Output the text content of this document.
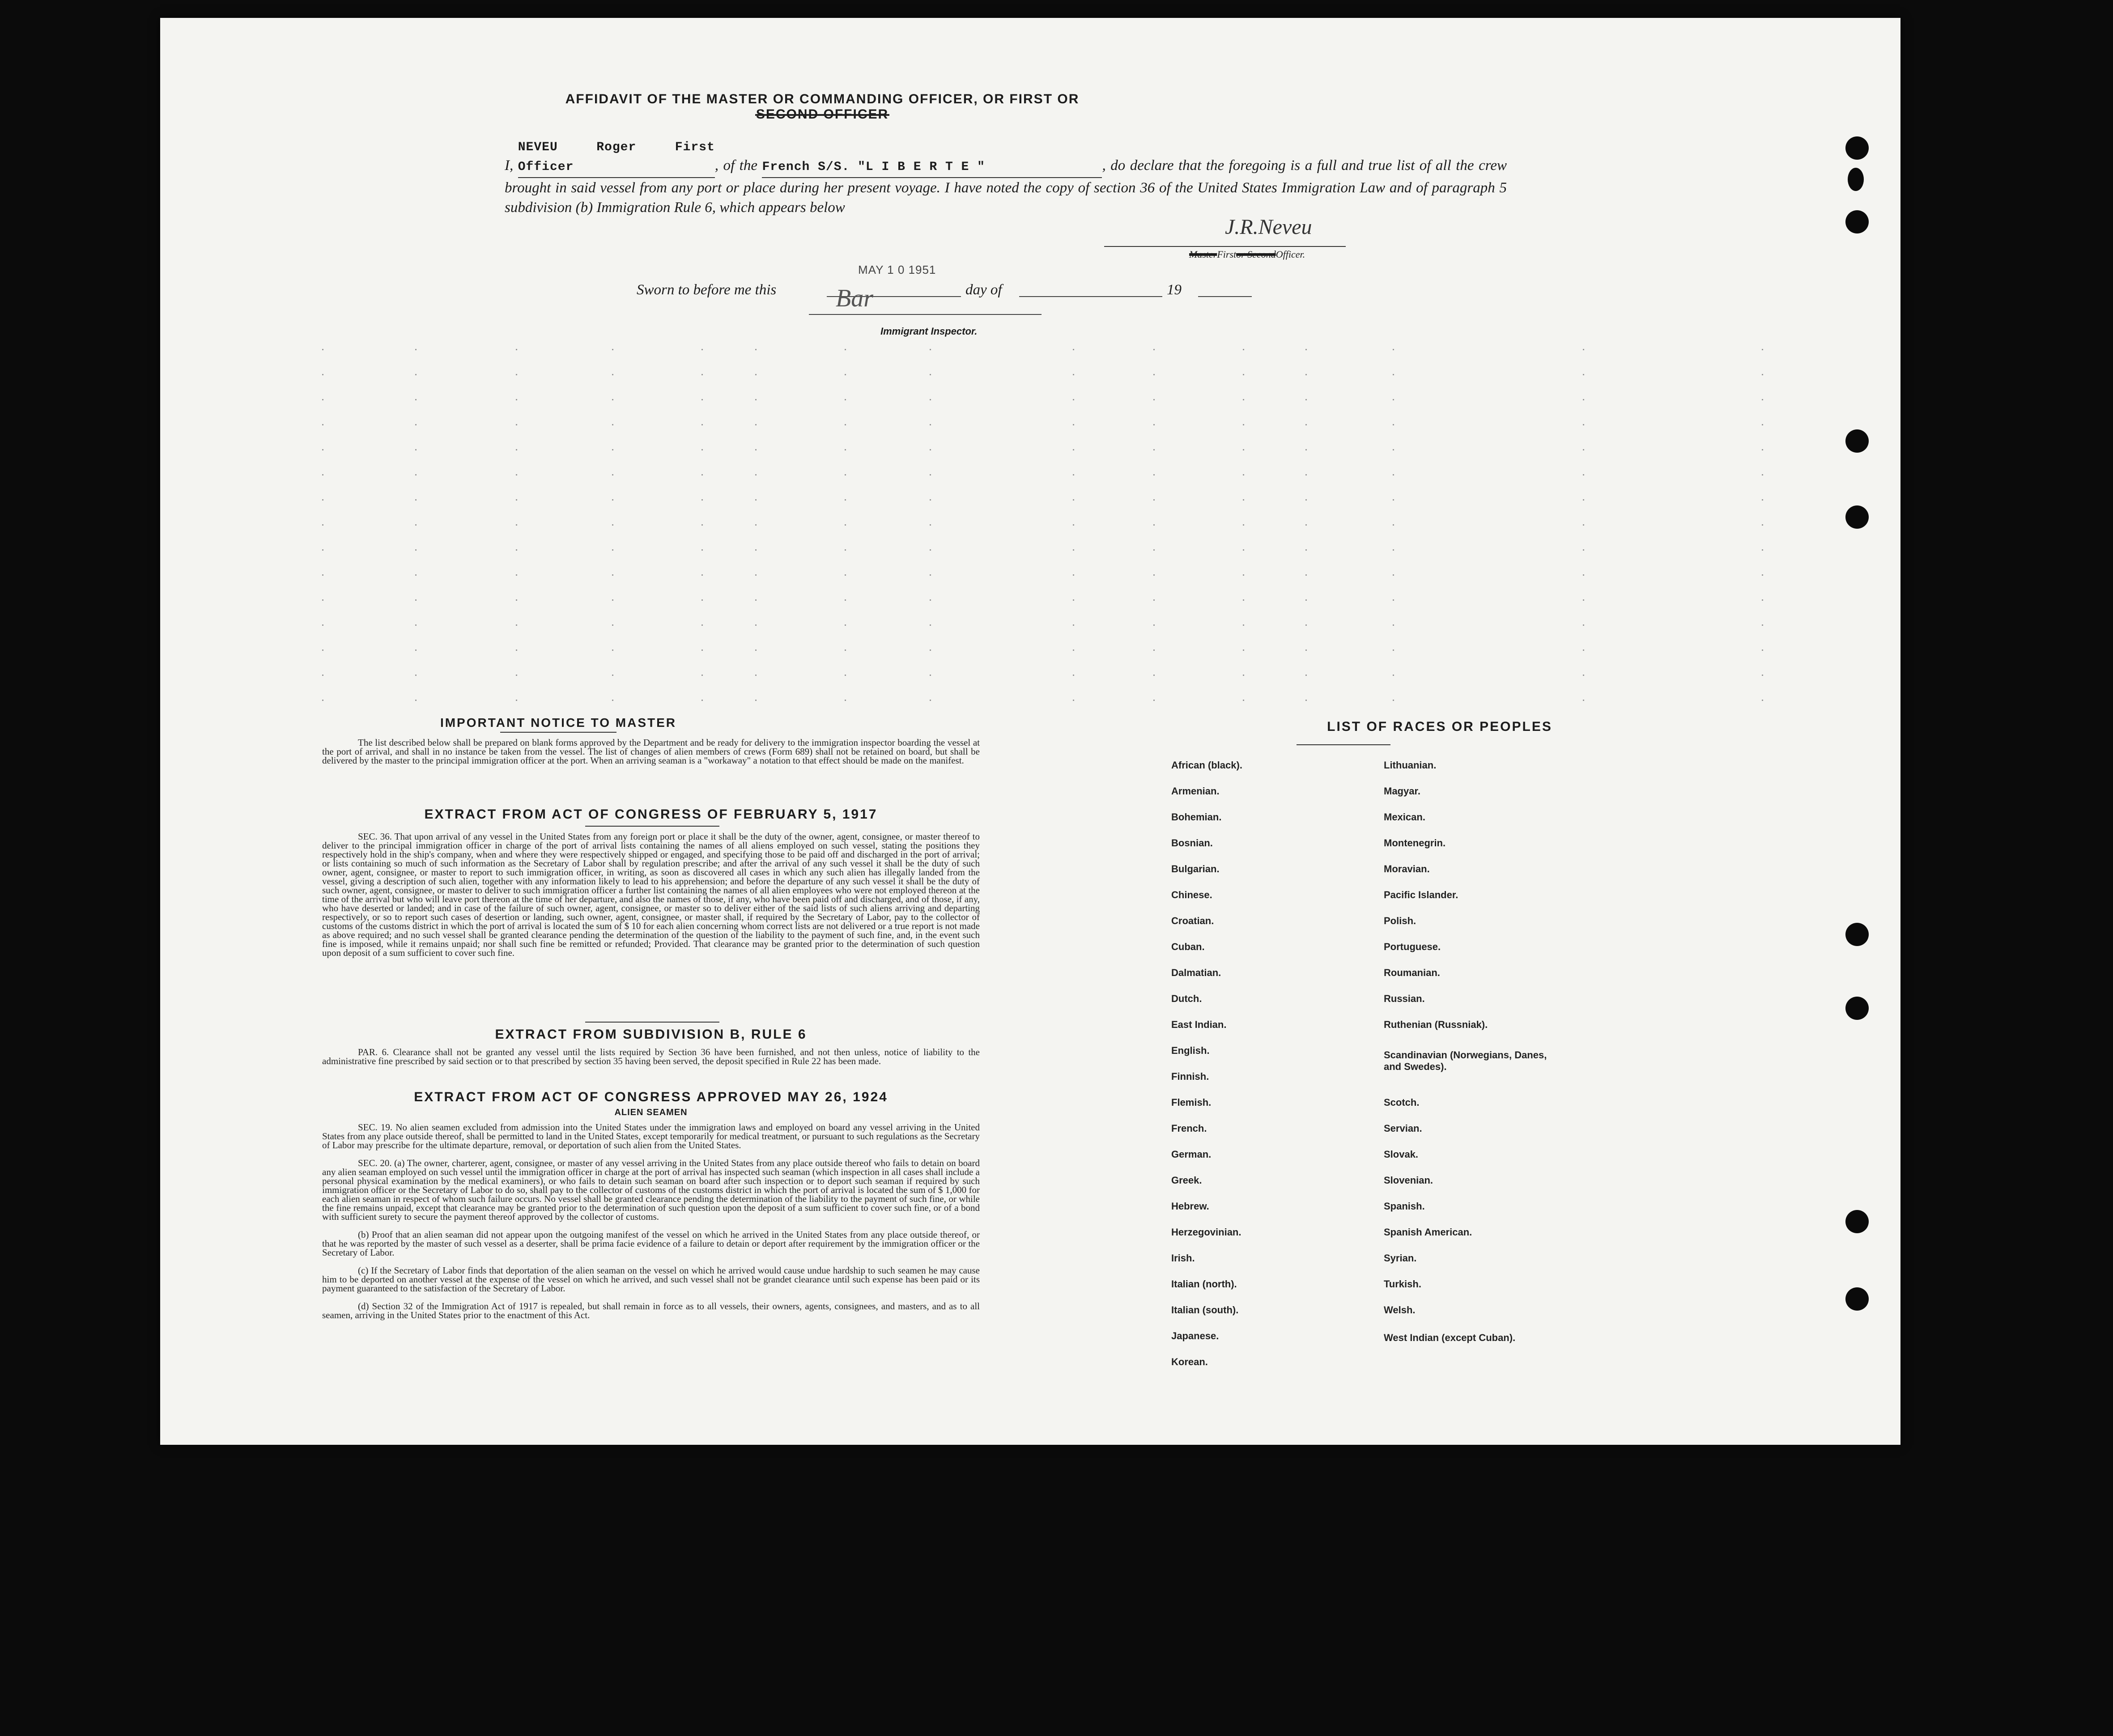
AFFIDAVIT OF THE MASTER OR COMMANDING OFFICER, OR FIRST OR SECOND OFFICER
I, NEVEU Roger First Officer	, of the French S/S. "L I B E R T E "	, do declare that the foregoing is a full and true list of all the crew brought in said vessel from any port or place during her present voyage. I have noted the copy of section 36 of the United States Immigration Law and of paragraph 5 subdivision (b) Immigration Rule 6, which appears below
J.R.Neveu
MasterFirstor SecondOfficer.
Sworn to before me this
MAY 1 0 1951
day of	19
Bar
Immigrant Inspector.
IMPORTANT NOTICE TO MASTER
The list described below shall be prepared on blank forms approved by the Department and be ready for delivery to the immigration inspector boarding the vessel at the port of arrival, and shall in no instance be taken from the vessel. The list of changes of alien members of crews (Form 689) shall not be retained on board, but shall be delivered by the master to the principal immigration officer at the port. When an arriving seaman is a "workaway" a notation to that effect should be made on the manifest.
EXTRACT FROM ACT OF CONGRESS OF FEBRUARY 5, 1917
SEC. 36. That upon arrival of any vessel in the United States from any foreign port or place it shall be the duty of the owner, agent, consignee, or master thereof to deliver to the principal immigration officer in charge of the port of arrival lists containing the names of all aliens employed on such vessel, stating the positions they respectively hold in the ship's company, when and where they were respectively shipped or engaged, and specifying those to be paid off and discharged in the port of arrival; or lists containing so much of such information as the Secretary of Labor shall by regulation prescribe; and after the arrival of any such vessel it shall be the duty of such owner, agent, consignee, or master to report to such immigration officer, in writing, as soon as discovered all cases in which any such alien has illegally landed from the vessel, giving a description of such alien, together with any information likely to lead to his apprehension; and before the departure of any such vessel it shall be the duty of such owner, agent, consignee, or master to deliver to such immigration officer a further list containing the names of all alien employees who were not employed thereon at the time of the arrival but who will leave port thereon at the time of her departure, and also the names of those, if any, who have been paid off and discharged, and of those, if any, who have deserted or landed; and in case of the failure of such owner, agent, consignee, or master so to deliver either of the said lists of such aliens arriving and departing respectively, or so to report such cases of desertion or landing, such owner, agent, consignee, or master shall, if required by the Secretary of Labor, pay to the collector of customs of the customs district in which the port of arrival is located the sum of $ 10 for each alien concerning whom correct lists are not delivered or a true report is not made as above required; and no such vessel shall be granted clearance pending the determination of the question of the liability to the payment of such fine, and, in the event such fine is imposed, while it remains unpaid; nor shall such fine be remitted or refunded; Provided. That clearance may be granted prior to the determination of such question upon deposit of a sum sufficient to cover such fine.
EXTRACT FROM SUBDIVISION B, RULE 6
PAR. 6. Clearance shall not be granted any vessel until the lists required by Section 36 have been furnished, and not then unless, notice of liability to the administrative fine prescribed by said section or to that prescribed by section 35 having been served, the deposit specified in Rule 22 has been made.
EXTRACT FROM ACT OF CONGRESS APPROVED MAY 26, 1924
ALIEN SEAMEN
SEC. 19. No alien seamen excluded from admission into the United States under the immigration laws and employed on board any vessel arriving in the United States from any place outside thereof, shall be permitted to land in the United States, except temporarily for medical treatment, or pursuant to such regulations as the Secretary of Labor may prescribe for the ultimate departure, removal, or deportation of such alien from the United States.
SEC. 20. (a) The owner, charterer, agent, consignee, or master of any vessel arriving in the United States from any place outside thereof who fails to detain on board any alien seaman employed on such vessel until the immigration officer in charge at the port of arrival has inspected such seaman (which inspection in all cases shall include a personal physical examination by the medical examiners), or who fails to detain such seaman on board after such inspection or to deport such seaman if required by such immigration officer or the Secretary of Labor to do so, shall pay to the collector of customs of the customs district in which the port of arrival is located the sum of $ 1,000 for each alien seaman in respect of whom such failure occurs. No vessel shall be granted clearance pending the determination of the liability to the payment of such fine, or while the fine remains unpaid, except that clearance may be granted prior to the determination of such question upon the deposit of a sum sufficient to cover such fine, or of a bond with sufficient surety to secure the payment thereof approved by the collector of customs.
(b) Proof that an alien seaman did not appear upon the outgoing manifest of the vessel on which he arrived in the United States from any place outside thereof, or that he was reported by the master of such vessel as a deserter, shall be prima facie evidence of a failure to detain or deport after requirement by the immigration officer or the Secretary of Labor.
(c) If the Secretary of Labor finds that deportation of the alien seaman on the vessel on which he arrived would cause undue hardship to such seamen he may cause him to be deported on another vessel at the expense of the vessel on which he arrived, and such vessel shall not be grandet clearance until such expense has been paid or its payment guaranteed to the satisfaction of the Secretary of Labor.
(d) Section 32 of the Immigration Act of 1917 is repealed, but shall remain in force as to all vessels, their owners, agents, consignees, and masters, and as to all seamen, arriving in the United States prior to the enactment of this Act.
LIST OF RACES OR PEOPLES
African (black).
Armenian.
Bohemian.
Bosnian.
Bulgarian.
Chinese.
Croatian.
Cuban.
Dalmatian.
Dutch.
East Indian.
English.
Finnish.
Flemish.
French.
German.
Greek.
Hebrew.
Herzegovinian.
Irish.
Italian (north).
Italian (south).
Japanese.
Korean.
Lithuanian.
Magyar.
Mexican.
Montenegrin.
Moravian.
Pacific Islander.
Polish.
Portuguese.
Roumanian.
Russian.
Ruthenian (Russniak).
Scandinavian (Norwegians, Danes, and Swedes).
Scotch.
Servian.
Slovak.
Slovenian.
Spanish.
Spanish American.
Syrian.
Turkish.
Welsh.
West Indian (except Cuban).
